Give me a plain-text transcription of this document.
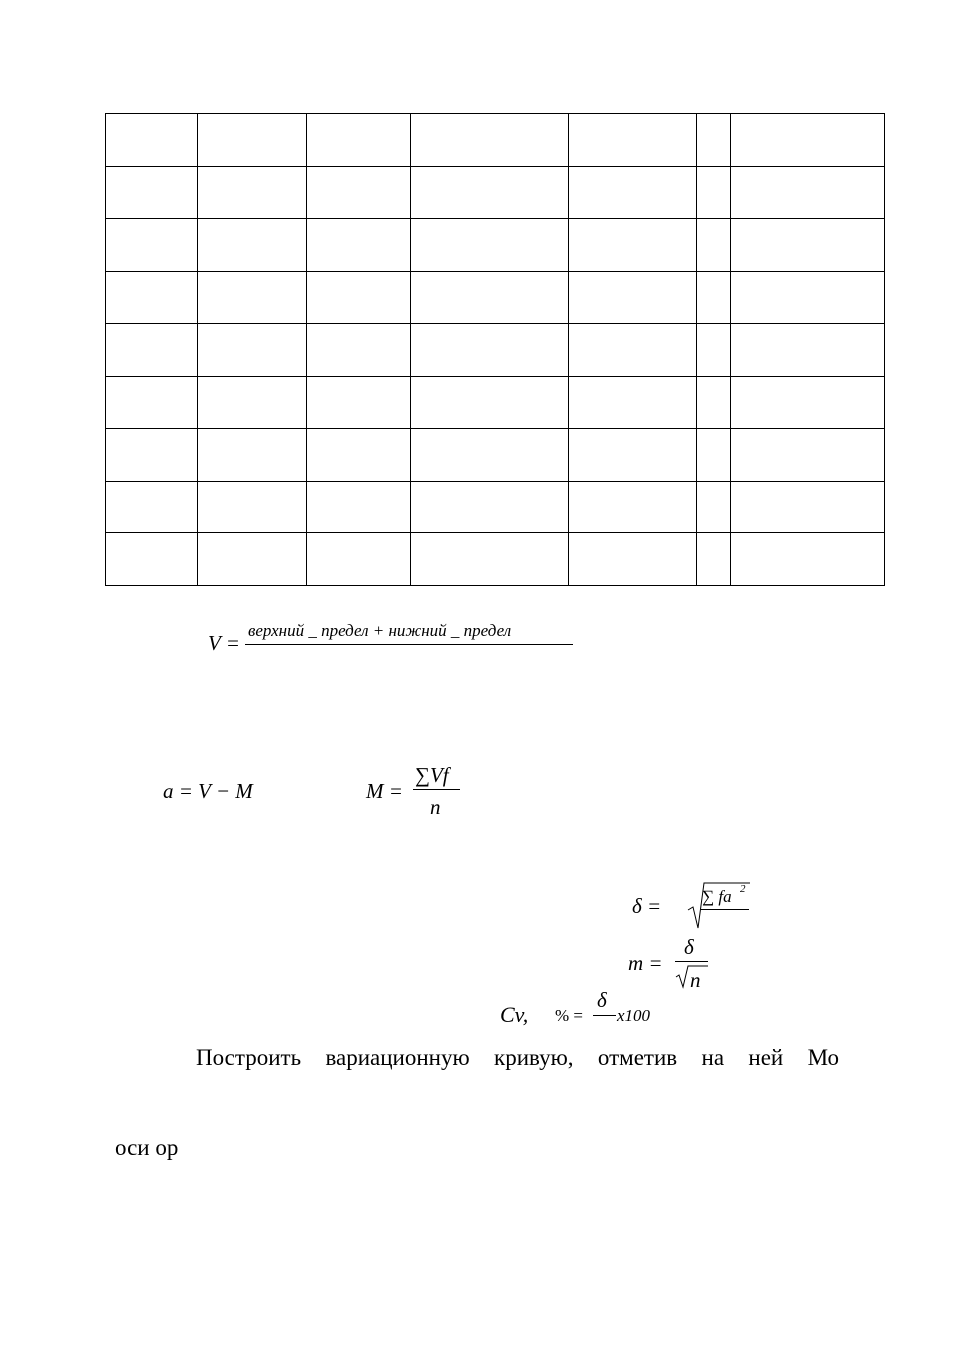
V =
верхний _ предел + нижний _ предел
a = V − M	M =
∑Vf
n
δ = ∑ fa 2
m =
δ
n
Cv, % =
δ
x100
Построить вариационную кривую, отметив на ней Мо
оси ор
